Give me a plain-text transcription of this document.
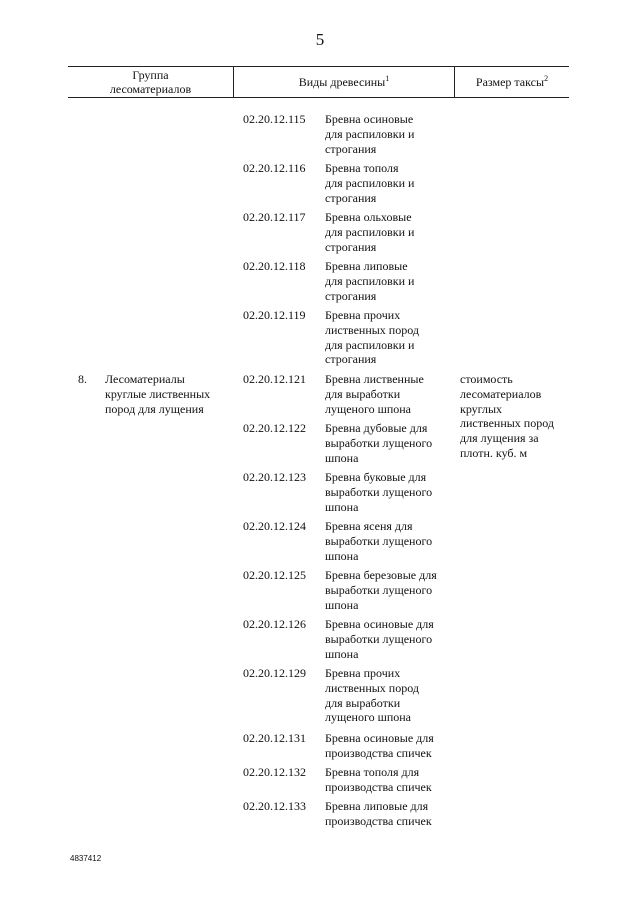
5
Группа
лесоматериалов	Виды древесины$^1$	Размер таксы$^2$
02.20.12.115 Бревна осиновые
для распиловки и
строгания
02.20.12.116 Бревна тополя
для распиловки и
строгания
02.20.12.117 Бревна ольховые
для распиловки и
строгания
02.20.12.118 Бревна липовые
для распиловки и
строгания
02.20.12.119 Бревна прочих
лиственных пород
для распиловки и
строгания
8. Лесоматериалы
круглые лиственных
пород для лущения
стоимость
лесоматериалов
круглых
лиственных пород
для лущения за
плотн. куб. м
02.20.12.121 Бревна лиственные
для выработки
лущеного шпона
02.20.12.122 Бревна дубовые для
выработки лущеного
шпона
02.20.12.123 Бревна буковые для
выработки лущеного
шпона
02.20.12.124 Бревна ясеня для
выработки лущеного
шпона
02.20.12.125 Бревна березовые для
выработки лущеного
шпона
02.20.12.126 Бревна осиновые для
выработки лущеного
шпона
02.20.12.129 Бревна прочих
лиственных пород
для выработки
лущеного шпона
02.20.12.131 Бревна осиновые для
производства спичек
02.20.12.132 Бревна тополя для
производства спичек
02.20.12.133 Бревна липовые для
производства спичек
4837412
